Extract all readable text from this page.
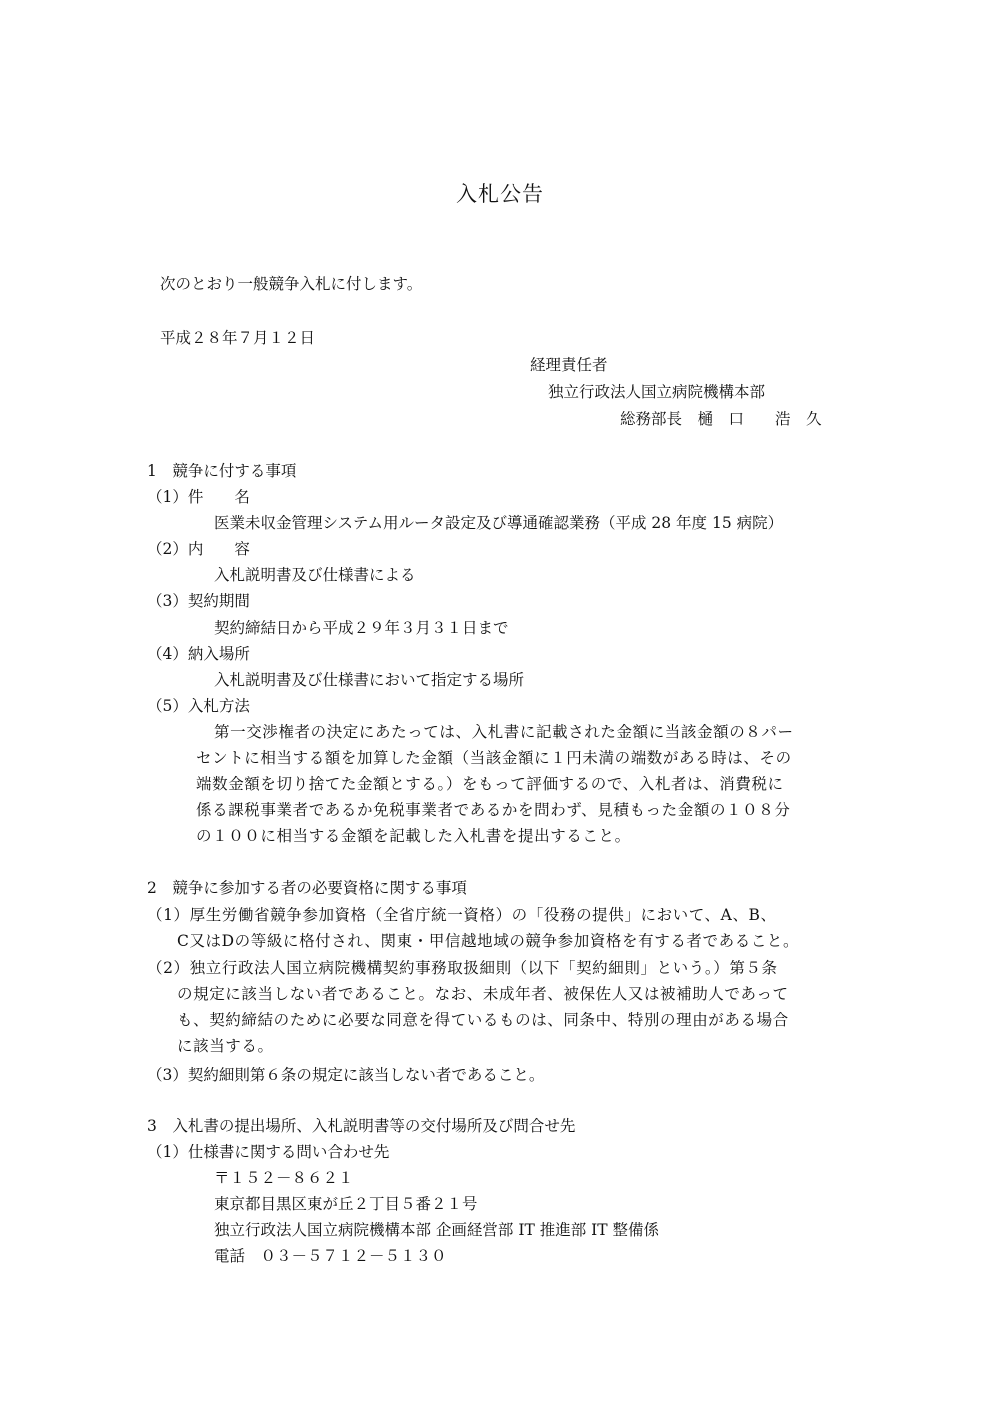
入札公告
次のとおり一般競争入札に付します。
平成２８年７月１２日
経理責任者
独立行政法人国立病院機構本部
総務部長　樋　口　　浩　久
1　競争に付する事項
（1）件　　名
医業未収金管理システム用ルータ設定及び導通確認業務（平成 28 年度 15 病院）
（2）内　　容
入札説明書及び仕様書による
（3）契約期間
契約締結日から平成２９年３月３１日まで
（4）納入場所
入札説明書及び仕様書において指定する場所
（5）入札方法
第一交渉権者の決定にあたっては、入札書に記載された金額に当該金額の８パー
セントに相当する額を加算した金額（当該金額に１円未満の端数がある時は、その
端数金額を切り捨てた金額とする。）をもって評価するので、入札者は、消費税に
係る課税事業者であるか免税事業者であるかを問わず、見積もった金額の１０８分
の１００に相当する金額を記載した入札書を提出すること。
2　競争に参加する者の必要資格に関する事項
（1）厚生労働省競争参加資格（全省庁統一資格）の「役務の提供」において、A、B、
C又はDの等級に格付され、関東・甲信越地域の競争参加資格を有する者であること。
（2）独立行政法人国立病院機構契約事務取扱細則（以下「契約細則」という。）第５条
の規定に該当しない者であること。なお、未成年者、被保佐人又は被補助人であって
も、契約締結のために必要な同意を得ているものは、同条中、特別の理由がある場合
に該当する。
（3）契約細則第６条の規定に該当しない者であること。
3　入札書の提出場所、入札説明書等の交付場所及び問合せ先
（1）仕様書に関する問い合わせ先
〒１５２－８６２１
東京都目黒区東が丘２丁目５番２１号
独立行政法人国立病院機構本部 企画経営部 IT 推進部 IT 整備係
電話　０３－５７１２－５１３０
